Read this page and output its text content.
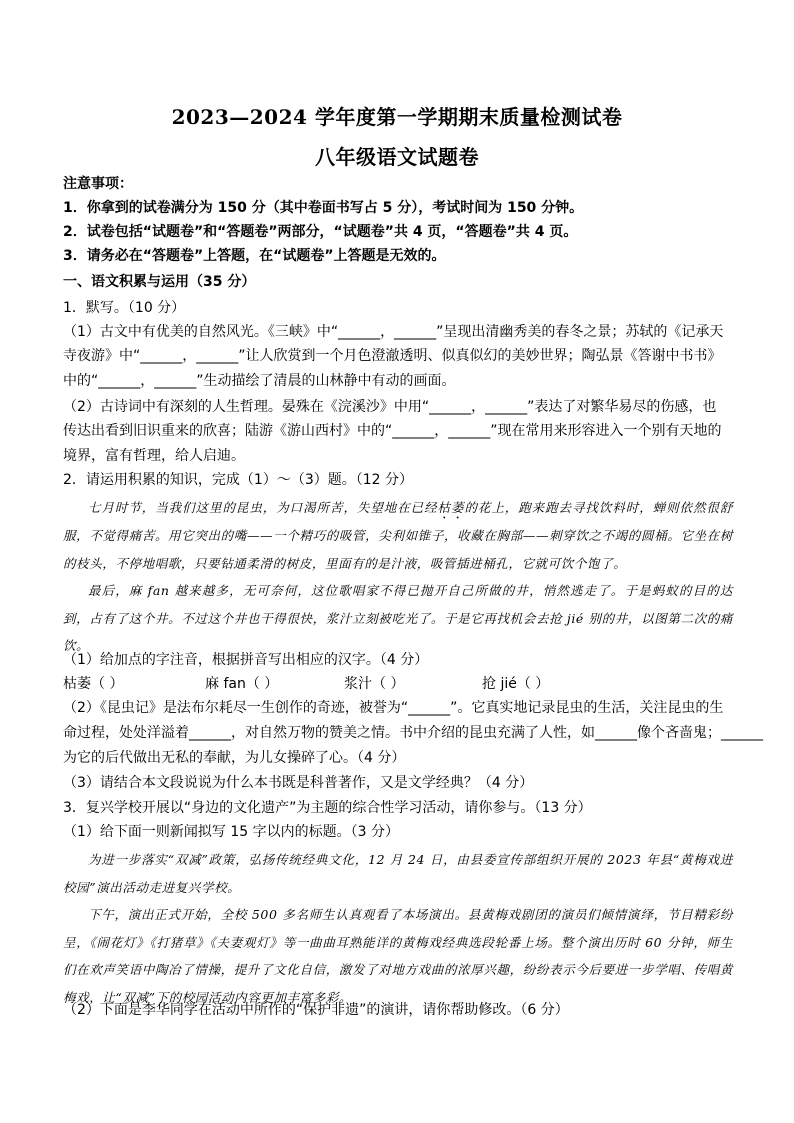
2023—2024 学年度第一学期期末质量检测试卷
八年级语文试题卷
注意事项：
1．你拿到的试卷满分为 150 分（其中卷面书写占 5 分），考试时间为 150 分钟。
2．试卷包括“试题卷”和“答题卷”两部分，“试题卷”共 4 页，“答题卷”共 4 页。
3．请务必在“答题卷”上答题，在“试题卷”上答题是无效的。
一、语文积累与运用（35 分）
1．默写。（10 分）
（1）古文中有优美的自然风光。《三峡》中“______，______”呈现出清幽秀美的春冬之景；苏轼的《记承天
寺夜游》中“______，______”让人欣赏到一个月色澄澈透明、似真似幻的美妙世界；陶弘景《答谢中书书》
中的“______，______”生动描绘了清晨的山林静中有动的画面。
（2）古诗词中有深刻的人生哲理。晏殊在《浣溪沙》中用“______，______”表达了对繁华易尽的伤感，也
传达出看到旧识重来的欣喜；陆游《游山西村》中的“______，______”现在常用来形容进入一个别有天地的
境界，富有哲理，给人启迪。
2．请运用积累的知识，完成（1）～（3）题。（12 分）

七月时节，当我们这里的昆虫，为口渴所苦，失望地在已经枯萎的花上，跑来跑去寻找饮料时，蝉则依然很舒服，不觉得痛苦。用它突出的嘴——一个精巧的吸管，尖利如锥子，收藏在胸部——刺穿饮之不竭的圆桶。它坐在树的枝头，不停地唱歌，只要钻通柔滑的树皮，里面有的是汁液，吸管插进桶孔，它就可饮个饱了。

最后，麻 fan 越来越多，无可奈何，这位歌唱家不得已抛开自己所做的井，悄然逃走了。于是蚂蚁的目的达到，占有了这个井。不过这个井也干得很快，浆汁立刻被吃光了。于是它再找机会去抢 jié 别的井，以图第二次的痛饮。

（1）给加点的字注音，根据拼音写出相应的汉字。（4 分）
枯萎（ ）	麻 fan（ ）	浆汁（ ）	抢 jié（ ）
（2）《昆虫记》是法布尔耗尽一生创作的奇迹，被誉为“______”。它真实地记录昆虫的生活，关注昆虫的生
命过程，处处洋溢着______，对自然万物的赞美之情。书中介绍的昆虫充满了人性，如______像个吝啬鬼；______
为它的后代做出无私的奉献，为儿女操碎了心。（4 分）
（3）请结合本文段说说为什么本书既是科普著作，又是文学经典？（4 分）
3．复兴学校开展以“身边的文化遗产”为主题的综合性学习活动，请你参与。（13 分）
（1）给下面一则新闻拟写 15 字以内的标题。（3 分）

为进一步落实“双减”政策，弘扬传统经典文化，12 月 24 日，由县委宣传部组织开展的 2023 年县“黄梅戏进校园”演出活动走进复兴学校。

下午，演出正式开始，全校 500 多名师生认真观看了本场演出。县黄梅戏剧团的演员们倾情演绎，节目精彩纷呈，《闹花灯》《打猪草》《夫妻观灯》等一曲曲耳熟能详的黄梅戏经典选段轮番上场。整个演出历时 60 分钟，师生们在欢声笑语中陶冶了情操，提升了文化自信，激发了对地方戏曲的浓厚兴趣，纷纷表示今后要进一步学唱、传唱黄梅戏，让“双减”下的校园活动内容更加丰富多彩。

（2）下面是李华同学在活动中所作的“保护非遗”的演讲，请你帮助修改。（6 分）
